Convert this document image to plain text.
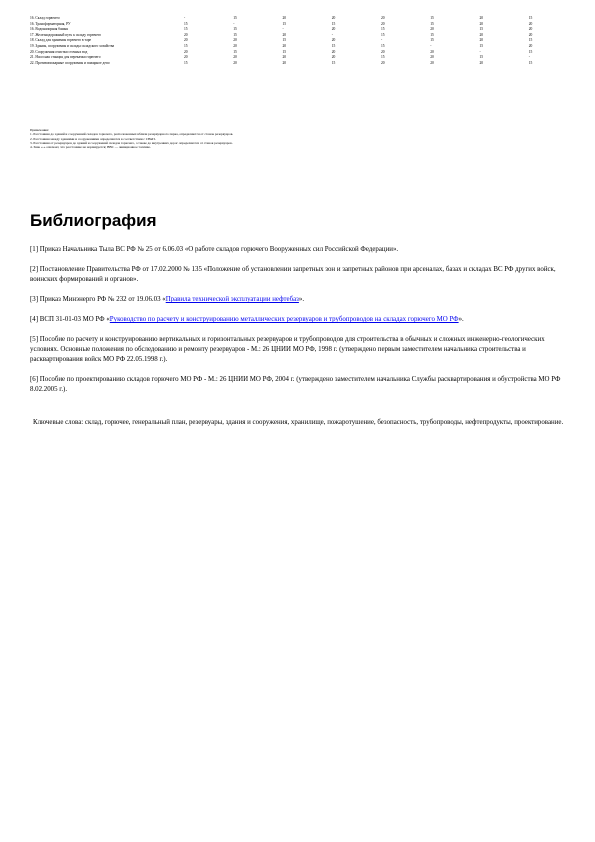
16. Склад горючего	-	15	20	20	20	15	20	15
16. Трансформаторная, РУ	15	-	15	15	20	15	20	20
16. Водонапорная башня	15	15	-	20	15	20	15	20
17. Железнодорожный путь к складу горючего	20	15	20	-	15	15	20	20
18. Склад для хранения горючего в таре	20	20	15	20	-	15	20	15
19. Здания, сооружения и склады складского хозяйства	15	20	20	15	15	-	15	20
20. Сооружения очистки сточных вод	20	15	15	20	20	20	-	15
21. Насосная станция для перекачки горючего	20	20	20	20	15	20	15	-
22. Противопожарные сооружения и пожарное депо	15	20	20	15	20	20	20	15
Примечания:
1. Расстояния до зданий и сооружений складов горючего, расположенных вблизи резервуарного парка, определяются от стенок резервуаров.
2. Расстояния между зданиями и сооружениями определяются в соответствии с СНиП.
3. Расстояния от резервуаров до зданий и сооружений складов горючего, а также до внутренних дорог определяются от стенок резервуаров.
4. Знак «-» означает, что расстояние не нормируется; ВВС — авиационное топливо.
Библиография

[1] Приказ Начальника Тыла ВС РФ № 25 от 6.06.03 «О работе складов горючего Вооруженных сил Российской Федерации».

[2] Постановление Правительства РФ от 17.02.2000 № 135 «Положение об установлении запретных зон и запретных районов при арсеналах, базах и складах ВС РФ других войск, воинских формирований и органов».

[3] Приказ Минэнерго РФ № 232 от 19.06.03 «Правила технической эксплуатации нефтебаз».

[4] ВСП 31-01-03 МО РФ «Руководство по расчету и конструированию металлических резервуаров и трубопроводов на складах горючего МО РФ».

[5] Пособие по расчету и конструированию вертикальных и горизонтальных резервуаров и трубопроводов для строительства в обычных и сложных инженерно-геологических условиях. Основные положения по обследованию и ремонту резервуаров - М.: 26 ЦНИИ МО РФ, 1998 г. (утверждено первым заместителем начальника строительства и расквартирования войск МО РФ 22.05.1998 г.).

[6] Пособие по проектированию складов горючего МО РФ - М.: 26 ЦНИИ МО РФ, 2004 г. (утверждено заместителем начальника Службы расквартирования и обустройства МО РФ 8.02.2005 г.).

Ключевые слова: склад, горючее, генеральный план, резервуары, здания и сооружения, хранилище, пожаротушение, безопасность, трубопроводы, нефтепродукты, проектирование.
